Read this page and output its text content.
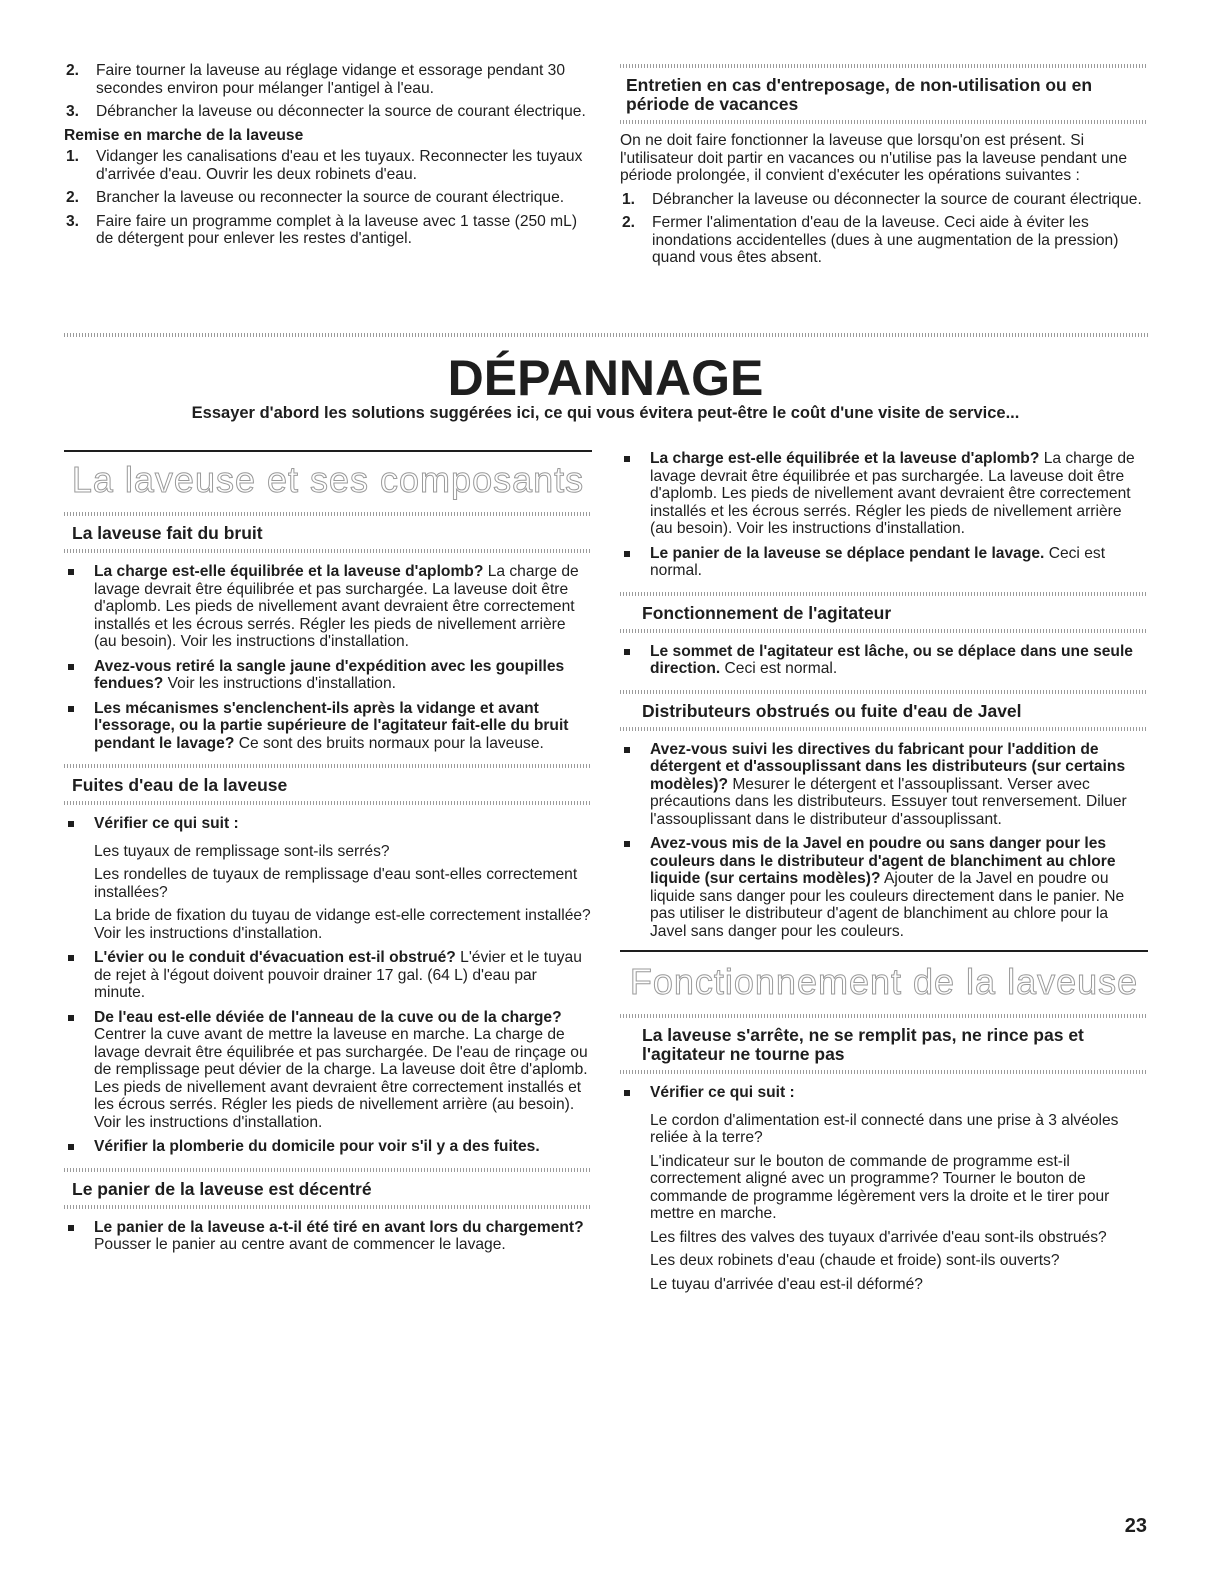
2. Faire tourner la laveuse au réglage vidange et essorage pendant 30 secondes environ pour mélanger l'antigel à l'eau.
3. Débrancher la laveuse ou déconnecter la source de courant électrique.
Remise en marche de la laveuse
1. Vidanger les canalisations d'eau et les tuyaux. Reconnecter les tuyaux d'arrivée d'eau. Ouvrir les deux robinets d'eau.
2. Brancher la laveuse ou reconnecter la source de courant électrique.
3. Faire faire un programme complet à la laveuse avec 1 tasse (250 mL) de détergent pour enlever les restes d'antigel.
Entretien en cas d'entreposage, de non-utilisation ou en période de vacances
On ne doit faire fonctionner la laveuse que lorsqu'on est présent. Si l'utilisateur doit partir en vacances ou n'utilise pas la laveuse pendant une période prolongée, il convient d'exécuter les opérations suivantes :
1. Débrancher la laveuse ou déconnecter la source de courant électrique.
2. Fermer l'alimentation d'eau de la laveuse. Ceci aide à éviter les inondations accidentelles (dues à une augmentation de la pression) quand vous êtes absent.
DÉPANNAGE
Essayer d'abord les solutions suggérées ici, ce qui vous évitera peut-être le coût d'une visite de service...
La laveuse et ses composants
La laveuse fait du bruit
La charge est-elle équilibrée et la laveuse d'aplomb? La charge de lavage devrait être équilibrée et pas surchargée. La laveuse doit être d'aplomb. Les pieds de nivellement avant devraient être correctement installés et les écrous serrés. Régler les pieds de nivellement arrière (au besoin). Voir les instructions d'installation.
Avez-vous retiré la sangle jaune d'expédition avec les goupilles fendues? Voir les instructions d'installation.
Les mécanismes s'enclenchent-ils après la vidange et avant l'essorage, ou la partie supérieure de l'agitateur fait-elle du bruit pendant le lavage? Ce sont des bruits normaux pour la laveuse.
Fuites d'eau de la laveuse
Vérifier ce qui suit :
Les tuyaux de remplissage sont-ils serrés?
Les rondelles de tuyaux de remplissage d'eau sont-elles correctement installées?
La bride de fixation du tuyau de vidange est-elle correctement installée? Voir les instructions d'installation.
L'évier ou le conduit d'évacuation est-il obstrué? L'évier et le tuyau de rejet à l'égout doivent pouvoir drainer 17 gal. (64 L) d'eau par minute.
De l'eau est-elle déviée de l'anneau de la cuve ou de la charge? Centrer la cuve avant de mettre la laveuse en marche. La charge de lavage devrait être équilibrée et pas surchargée. De l'eau de rinçage ou de remplissage peut dévier de la charge. La laveuse doit être d'aplomb. Les pieds de nivellement avant devraient être correctement installés et les écrous serrés. Régler les pieds de nivellement arrière (au besoin). Voir les instructions d'installation.
Vérifier la plomberie du domicile pour voir s'il y a des fuites.
Le panier de la laveuse est décentré
Le panier de la laveuse a-t-il été tiré en avant lors du chargement? Pousser le panier au centre avant de commencer le lavage.
La charge est-elle équilibrée et la laveuse d'aplomb? La charge de lavage devrait être équilibrée et pas surchargée. La laveuse doit être d'aplomb. Les pieds de nivellement avant devraient être correctement installés et les écrous serrés. Régler les pieds de nivellement arrière (au besoin). Voir les instructions d'installation.
Le panier de la laveuse se déplace pendant le lavage. Ceci est normal.
Fonctionnement de l'agitateur
Le sommet de l'agitateur est lâche, ou se déplace dans une seule direction. Ceci est normal.
Distributeurs obstrués ou fuite d'eau de Javel
Avez-vous suivi les directives du fabricant pour l'addition de détergent et d'assouplissant dans les distributeurs (sur certains modèles)? Mesurer le détergent et l'assouplissant. Verser avec précautions dans les distributeurs. Essuyer tout renversement. Diluer l'assouplissant dans le distributeur d'assouplissant.
Avez-vous mis de la Javel en poudre ou sans danger pour les couleurs dans le distributeur d'agent de blanchiment au chlore liquide (sur certains modèles)? Ajouter de la Javel en poudre ou liquide sans danger pour les couleurs directement dans le panier. Ne pas utiliser le distributeur d'agent de blanchiment au chlore pour la Javel sans danger pour les couleurs.
Fonctionnement de la laveuse
La laveuse s'arrête, ne se remplit pas, ne rince pas et l'agitateur ne tourne pas
Vérifier ce qui suit :
Le cordon d'alimentation est-il connecté dans une prise à 3 alvéoles reliée à la terre?
L'indicateur sur le bouton de commande de programme est-il correctement aligné avec un programme? Tourner le bouton de commande de programme légèrement vers la droite et le tirer pour mettre en marche.
Les filtres des valves des tuyaux d'arrivée d'eau sont-ils obstrués?
Les deux robinets d'eau (chaude et froide) sont-ils ouverts?
Le tuyau d'arrivée d'eau est-il déformé?
23
